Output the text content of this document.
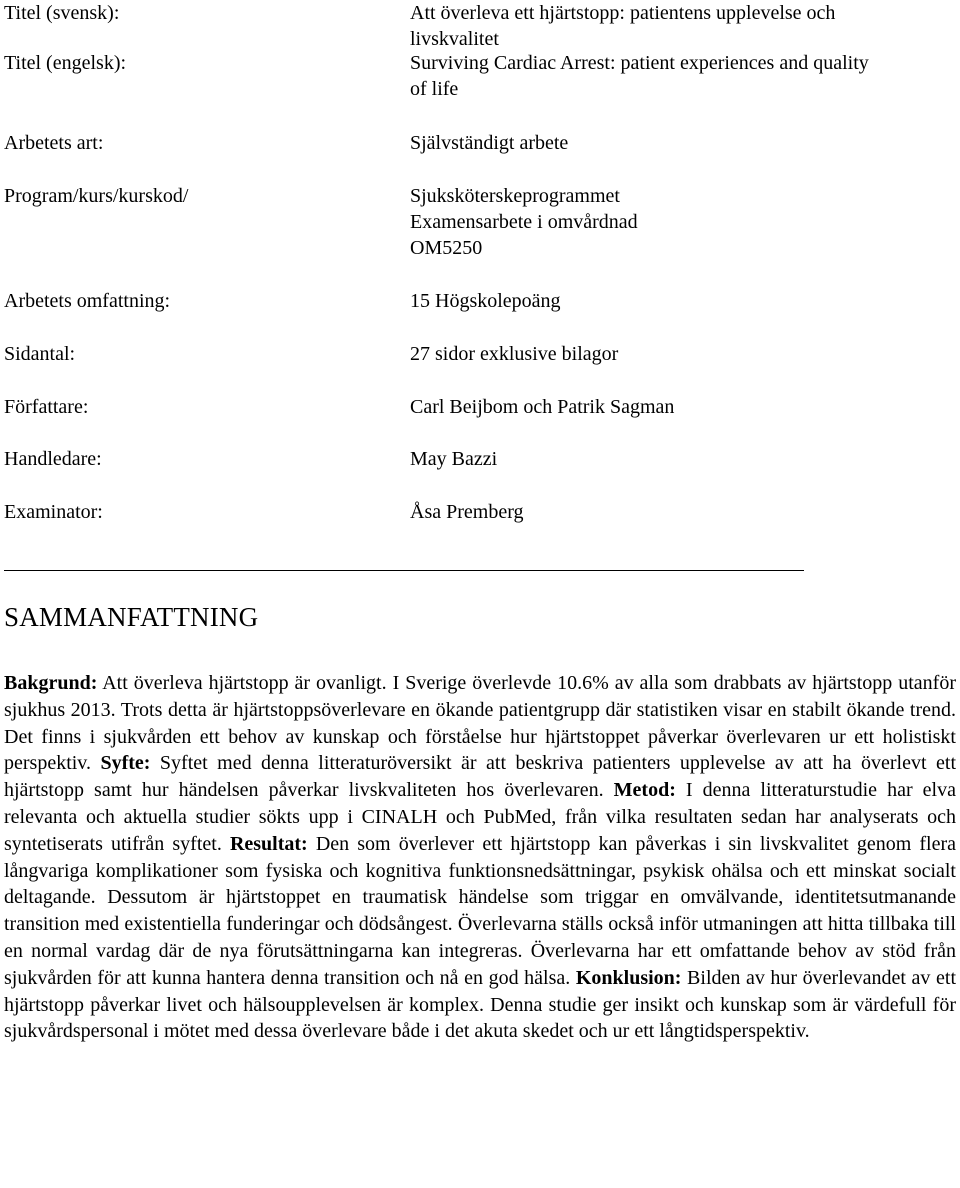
Titel (svensk):	Att överleva ett hjärtstopp: patientens upplevelse och
livskvalitet
Titel (engelsk):	Surviving Cardiac Arrest: patient experiences and quality
of life
Arbetets art:	Självständigt arbete
Program/kurs/kurskod/	Sjuksköterskeprogrammet
Examensarbete i omvårdnad
OM5250
Arbetets omfattning:	15 Högskolepoäng
Sidantal:	27 sidor exklusive bilagor
Författare:	Carl Beijbom och Patrik Sagman
Handledare:	May Bazzi
Examinator:	Åsa Premberg
SAMMANFATTNING

Bakgrund: Att överleva hjärtstopp är ovanligt. I Sverige överlevde 10.6% av alla som drabbats av hjärtstopp utanför sjukhus 2013. Trots detta är hjärtstoppsöverlevare en ökande patientgrupp där statistiken visar en stabilt ökande trend. Det finns i sjukvården ett behov av kunskap och förståelse hur hjärtstoppet påverkar överlevaren ur ett holistiskt perspektiv. Syfte: Syftet med denna litteraturöversikt är att beskriva patienters upplevelse av att ha överlevt ett hjärtstopp samt hur händelsen påverkar livskvaliteten hos överlevaren. Metod: I denna litteraturstudie har elva relevanta och aktuella studier sökts upp i CINALH och PubMed, från vilka resultaten sedan har analyserats och syntetiserats utifrån syftet. Resultat: Den som överlever ett hjärtstopp kan påverkas i sin livskvalitet genom flera långvariga komplikationer som fysiska och kognitiva funktionsnedsättningar, psykisk ohälsa och ett minskat socialt deltagande. Dessutom är hjärtstoppet en traumatisk händelse som triggar en omvälvande, identitetsutmanande transition med existentiella funderingar och dödsångest. Överlevarna ställs också inför utmaningen att hitta tillbaka till en normal vardag där de nya förutsättningarna kan integreras. Överlevarna har ett omfattande behov av stöd från sjukvården för att kunna hantera denna transition och nå en god hälsa. Konklusion: Bilden av hur överlevandet av ett hjärtstopp påverkar livet och hälsoupplevelsen är komplex. Denna studie ger insikt och kunskap som är värdefull för sjukvårdspersonal i mötet med dessa överlevare både i det akuta skedet och ur ett långtidsperspektiv.
